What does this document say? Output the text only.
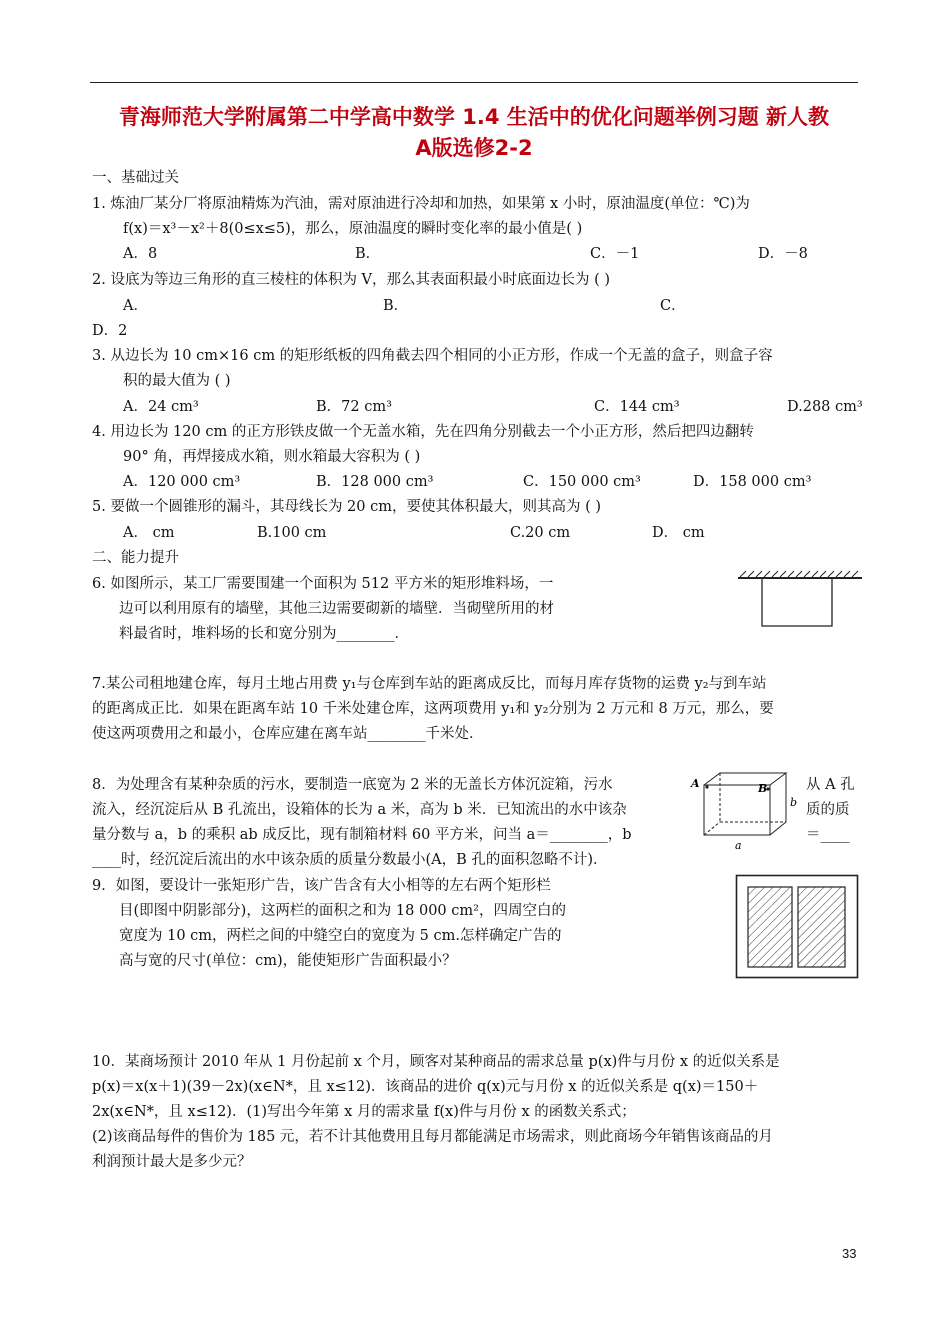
青海师范大学附属第二中学高中数学 1.4 生活中的优化问题举例习题 新人教
A版选修2-2
一、基础过关
1. 炼油厂某分厂将原油精炼为汽油，需对原油进行冷却和加热，如果第 x 小时，原油温度(单位：℃)为
f(x)＝x³－x²＋8(0≤x≤5)，那么，原油温度的瞬时变化率的最小值是( )
A．8	B．	C．－1	D．－8
2. 设底为等边三角形的直三棱柱的体积为 V，那么其表面积最小时底面边长为 ( )
A．	B．	C．
D．2
3. 从边长为 10 cm×16 cm 的矩形纸板的四角截去四个相同的小正方形，作成一个无盖的盒子，则盒子容
积的最大值为 ( )
A．24 cm³	B．72 cm³	C．144 cm³	D.288 cm³
4. 用边长为 120 cm 的正方形铁皮做一个无盖水箱，先在四角分别截去一个小正方形，然后把四边翻转
90° 角，再焊接成水箱，则水箱最大容积为 ( )
A．120 000 cm³	B．128 000 cm³	C．150 000 cm³	D．158 000 cm³
5. 要做一个圆锥形的漏斗，其母线长为 20 cm，要使其体积最大，则其高为 ( )
A． cm	B.100 cm	C.20 cm	D． cm
二、能力提升
6. 如图所示，某工厂需要围建一个面积为 512 平方米的矩形堆料场，一
边可以利用原有的墙壁，其他三边需要砌新的墙壁．当砌壁所用的材
料最省时，堆料场的长和宽分别为________．
7.某公司租地建仓库，每月土地占用费 y₁与仓库到车站的距离成反比，而每月库存货物的运费 y₂与到车站
的距离成正比．如果在距离车站 10 千米处建仓库，这两项费用 y₁和 y₂分别为 2 万元和 8 万元，那么，要
使这两项费用之和最小，仓库应建在离车站________千米处．
8．为处理含有某种杂质的污水，要制造一底宽为 2 米的无盖长方体沉淀箱，污水
流入，经沉淀后从 B 孔流出，设箱体的长为 a 米，高为 b 米．已知流出的水中该杂
量分数与 a，b 的乘积 ab 成反比，现有制箱材料 60 平方米，问当 a＝________，b
____时，经沉淀后流出的水中该杂质的质量分数最小(A，B 孔的面积忽略不计)．
从 A 孔
质的质
＝____
A	B
a
b
9．如图，要设计一张矩形广告，该广告含有大小相等的左右两个矩形栏
目(即图中阴影部分)，这两栏的面积之和为 18 000 cm²，四周空白的
宽度为 10 cm，两栏之间的中缝空白的宽度为 5 cm.怎样确定广告的
高与宽的尺寸(单位：cm)，能使矩形广告面积最小？
10．某商场预计 2010 年从 1 月份起前 x 个月，顾客对某种商品的需求总量 p(x)件与月份 x 的近似关系是
p(x)＝x(x＋1)(39－2x)(x∈N*，且 x≤12)．该商品的进价 q(x)元与月份 x 的近似关系是 q(x)＝150＋
2x(x∈N*，且 x≤12)．(1)写出今年第 x 月的需求量 f(x)件与月份 x 的函数关系式；
(2)该商品每件的售价为 185 元，若不计其他费用且每月都能满足市场需求，则此商场今年销售该商品的月
利润预计最大是多少元？
33
